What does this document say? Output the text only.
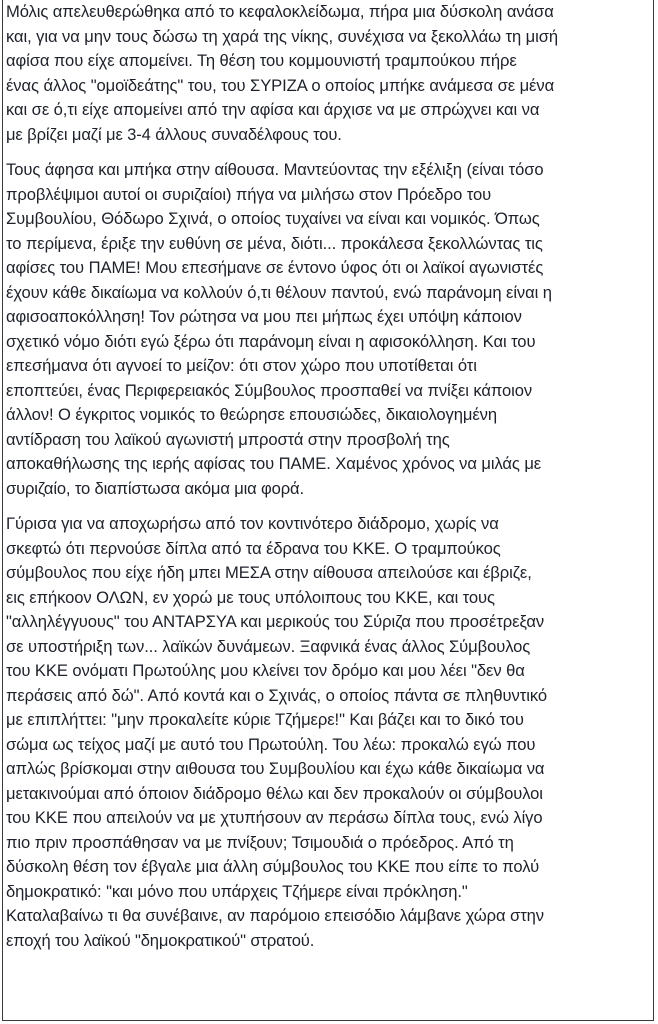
Μόλις απελευθερώθηκα από το κεφαλοκλείδωμα, πήρα μια δύσκολη ανάσα
και, για να μην τους δώσω τη χαρά της νίκης, συνέχισα να ξεκολλάω τη μισή
αφίσα που είχε απομείνει. Τη θέση του κομμουνιστή τραμπούκου πήρε
ένας άλλος "ομοϊδεάτης" του, του ΣΥΡΙΖΑ ο οποίος μπήκε ανάμεσα σε μένα
και σε ό,τι είχε απομείνει από την αφίσα και άρχισε να με σπρώχνει και να
με βρίζει μαζί με 3-4 άλλους συναδέλφους του.

Τους άφησα και μπήκα στην αίθουσα. Μαντεύοντας την εξέλιξη (είναι τόσο
προβλέψιμοι αυτοί οι συριζαίοι) πήγα να μιλήσω στον Πρόεδρο του
Συμβουλίου, Θόδωρο Σχινά, ο οποίος τυχαίνει να είναι και νομικός. Όπως
το περίμενα, έριξε την ευθύνη σε μένα, διότι... προκάλεσα ξεκολλώντας τις
αφίσες του ΠΑΜΕ! Μου επεσήμανε σε έντονο ύφος ότι οι λαϊκοί αγωνιστές
έχουν κάθε δικαίωμα να κολλούν ό,τι θέλουν παντού, ενώ παράνομη είναι η
αφισοαποκόλληση! Τον ρώτησα να μου πει μήπως έχει υπόψη κάποιον
σχετικό νόμο διότι εγώ ξέρω ότι παράνομη είναι η αφισοκόλληση. Και του
επεσήμανα ότι αγνοεί το μείζον: ότι στον χώρο που υποτίθεται ότι
εποπτεύει, ένας Περιφερειακός Σύμβουλος προσπαθεί να πνίξει κάποιον
άλλον! Ο έγκριτος νομικός το θεώρησε επουσιώδες, δικαιολογημένη
αντίδραση του λαϊκού αγωνιστή μπροστά στην προσβολή της
αποκαθήλωσης της ιερής αφίσας του ΠΑΜΕ. Χαμένος χρόνος να μιλάς με
συριζαίο, το διαπίστωσα ακόμα μια φορά.

Γύρισα για να αποχωρήσω από τον κοντινότερο διάδρομο, χωρίς να
σκεφτώ ότι περνούσε δίπλα από τα έδρανα του ΚΚΕ. Ο τραμπούκος
σύμβουλος που είχε ήδη μπει ΜΕΣΑ στην αίθουσα απειλούσε και έβριζε,
εις επήκοον ΟΛΩΝ, εν χορώ με τους υπόλοιπους του ΚΚΕ, και τους
"αλληλέγγυους" του ΑΝΤΑΡΣΥΑ και μερικούς του Σύριζα που προσέτρεξαν
σε υποστήριξη των... λαϊκών δυνάμεων. Ξαφνικά ένας άλλος Σύμβουλος
του ΚΚΕ ονόματι Πρωτούλης μου κλείνει τον δρόμο και μου λέει "δεν θα
περάσεις από δώ". Από κοντά και ο Σχινάς, ο οποίος πάντα σε πληθυντικό
με επιπλήττει: "μην προκαλείτε κύριε Τζήμερε!" Και βάζει και το δικό του
σώμα ως τείχος μαζί με αυτό του Πρωτούλη. Του λέω: προκαλώ εγώ που
απλώς βρίσκομαι στην αιθουσα του Συμβουλίου και έχω κάθε δικαίωμα να
μετακινούμαι από όποιον διάδρομο θέλω και δεν προκαλούν οι σύμβουλοι
του ΚΚΕ που απειλούν να με χτυπήσουν αν περάσω δίπλα τους, ενώ λίγο
πιο πριν προσπάθησαν να με πνίξουν; Τσιμουδιά ο πρόεδρος. Από τη
δύσκολη θέση τον έβγαλε μια άλλη σύμβουλος του ΚΚΕ που είπε το πολύ
δημοκρατικό: "και μόνο που υπάρχεις Τζήμερε είναι πρόκληση."
Καταλαβαίνω τι θα συνέβαινε, αν παρόμοιο επεισόδιο λάμβανε χώρα στην
εποχή του λαϊκού "δημοκρατικού" στρατού.
